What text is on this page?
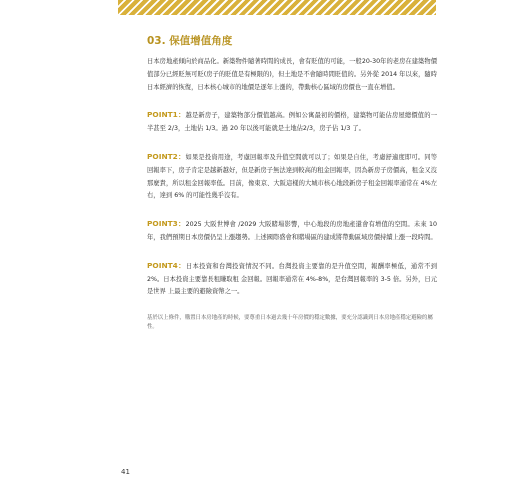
03. 保值增值角度

日本房地產傾向於商品化。新築物件隨著時間的成長，會有貶值的可能，一般20-30年的老房在建築物價值部分已經貶無可貶(房子的貶值是有極限的)，但土地是不會隨時間貶值的。另外從 2014 年以來，隨時日本經濟的恢復，日本核心城市的地價是逐年上漲的，帶動核心區域的房價也一直在增值。

POINT1：越是新房子，建築物部分價值越高。例如公寓最初的價格，建築物可能佔房屋總價值的一半甚至 2/3，土地佔 1/3。過 20 年以後可能就是土地佔2/3，房子佔 1/3 了。

POINT2：如果是投資用途，考慮回報率及升值空間就可以了；如果是自住，考慮舒適度即可。同等回報率下，房子肯定是越新越好，但是新房子無法達到較高的租金回報率，因為新房子房價高，租金又沒那麼貴，所以租金回報率低。目前，像東京、大阪這樣的大城市核心地段新房子租金回報率通常在 4%左右，達到 6% 的可能性幾乎沒有。

POINT3：2025 大阪世博會 /2029 大阪賭場影響，中心地段的房地產還會有增值的空間。未來 10 年，我們預期日本房價仍呈上漲趨勢。上述國際盛會和賭場區的建成將帶動區域房價持續上漲一段時間。

POINT4：日本投資和台灣投資情況不同。台灣投資主要靠的是升值空間，報酬率極低，通常不到 2%。日本投資主要靠長租賺取租 金回報。回報率通常在 4%-8%，是台灣回報率的 3-5 倍。另外，日元是世界 上最主要的避險資幣之一。

基於以上條件，購置日本房地產的時候，要尊重日本過去幾十年房價的穩定數據，要充分認識到日本房地產穩定避險的屬性。

41
